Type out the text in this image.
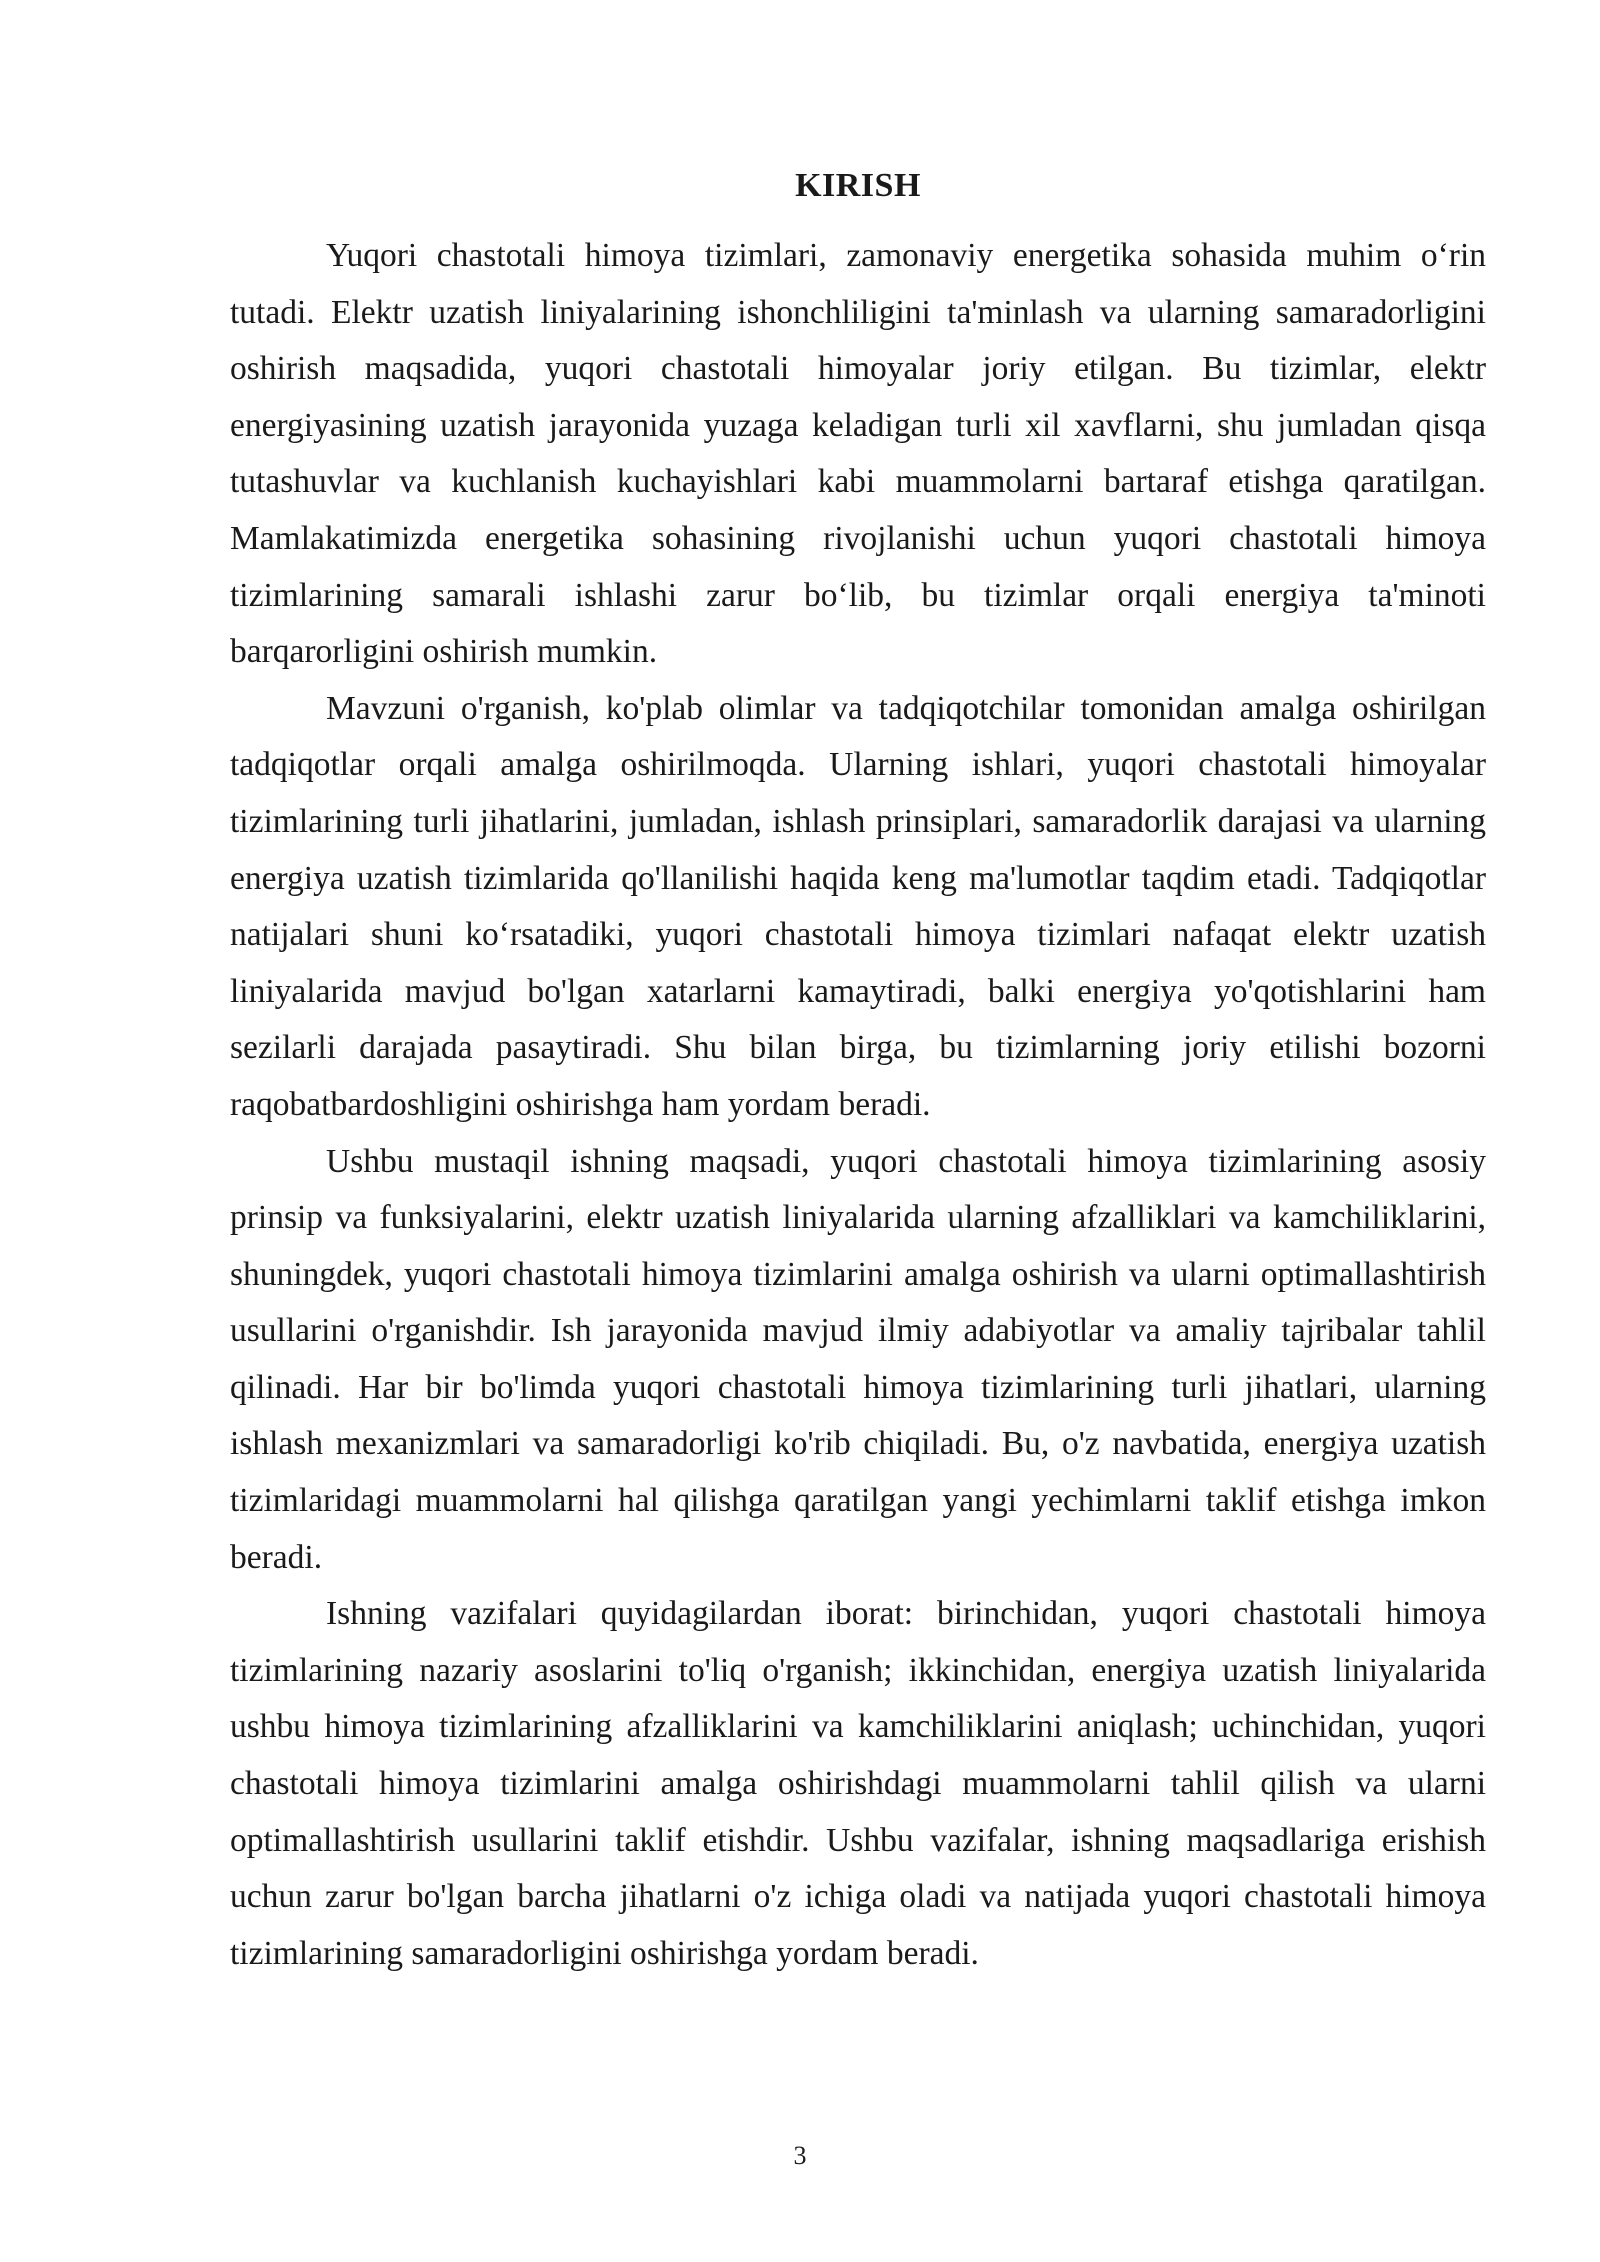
KIRISH

Yuqori chastotali himoya tizimlari, zamonaviy energetika sohasida muhim o‘rin tutadi. Elektr uzatish liniyalarining ishonchliligini ta'minlash va ularning samaradorligini oshirish maqsadida, yuqori chastotali himoyalar joriy etilgan. Bu tizimlar, elektr energiyasining uzatish jarayonida yuzaga keladigan turli xil xavflarni, shu jumladan qisqa tutashuvlar va kuchlanish kuchayishlari kabi muammolarni bartaraf etishga qaratilgan. Mamlakatimizda energetika sohasining rivojlanishi uchun yuqori chastotali himoya tizimlarining samarali ishlashi zarur bo‘lib, bu tizimlar orqali energiya ta'minoti barqarorligini oshirish mumkin.

Mavzuni o'rganish, ko'plab olimlar va tadqiqotchilar tomonidan amalga oshirilgan tadqiqotlar orqali amalga oshirilmoqda. Ularning ishlari, yuqori chastotali himoyalar tizimlarining turli jihatlarini, jumladan, ishlash prinsiplari, samaradorlik darajasi va ularning energiya uzatish tizimlarida qo'llanilishi haqida keng ma'lumotlar taqdim etadi. Tadqiqotlar natijalari shuni ko‘rsatadiki, yuqori chastotali himoya tizimlari nafaqat elektr uzatish liniyalarida mavjud bo'lgan xatarlarni kamaytiradi, balki energiya yo'qotishlarini ham sezilarli darajada pasaytiradi. Shu bilan birga, bu tizimlarning joriy etilishi bozorni raqobatbardoshligini oshirishga ham yordam beradi.

Ushbu mustaqil ishning maqsadi, yuqori chastotali himoya tizimlarining asosiy prinsip va funksiyalarini, elektr uzatish liniyalarida ularning afzalliklari va kamchiliklarini, shuningdek, yuqori chastotali himoya tizimlarini amalga oshirish va ularni optimallashtirish usullarini o'rganishdir. Ish jarayonida mavjud ilmiy adabiyotlar va amaliy tajribalar tahlil qilinadi. Har bir bo'limda yuqori chastotali himoya tizimlarining turli jihatlari, ularning ishlash mexanizmlari va samaradorligi ko'rib chiqiladi. Bu, o'z navbatida, energiya uzatish tizimlaridagi muammolarni hal qilishga qaratilgan yangi yechimlarni taklif etishga imkon beradi.

Ishning vazifalari quyidagilardan iborat: birinchidan, yuqori chastotali himoya tizimlarining nazariy asoslarini to'liq o'rganish; ikkinchidan, energiya uzatish liniyalarida ushbu himoya tizimlarining afzalliklarini va kamchiliklarini aniqlash; uchinchidan, yuqori chastotali himoya tizimlarini amalga oshirishdagi muammolarni tahlil qilish va ularni optimallashtirish usullarini taklif etishdir. Ushbu vazifalar, ishning maqsadlariga erishish uchun zarur bo'lgan barcha jihatlarni o'z ichiga oladi va natijada yuqori chastotali himoya tizimlarining samaradorligini oshirishga yordam beradi.

3
